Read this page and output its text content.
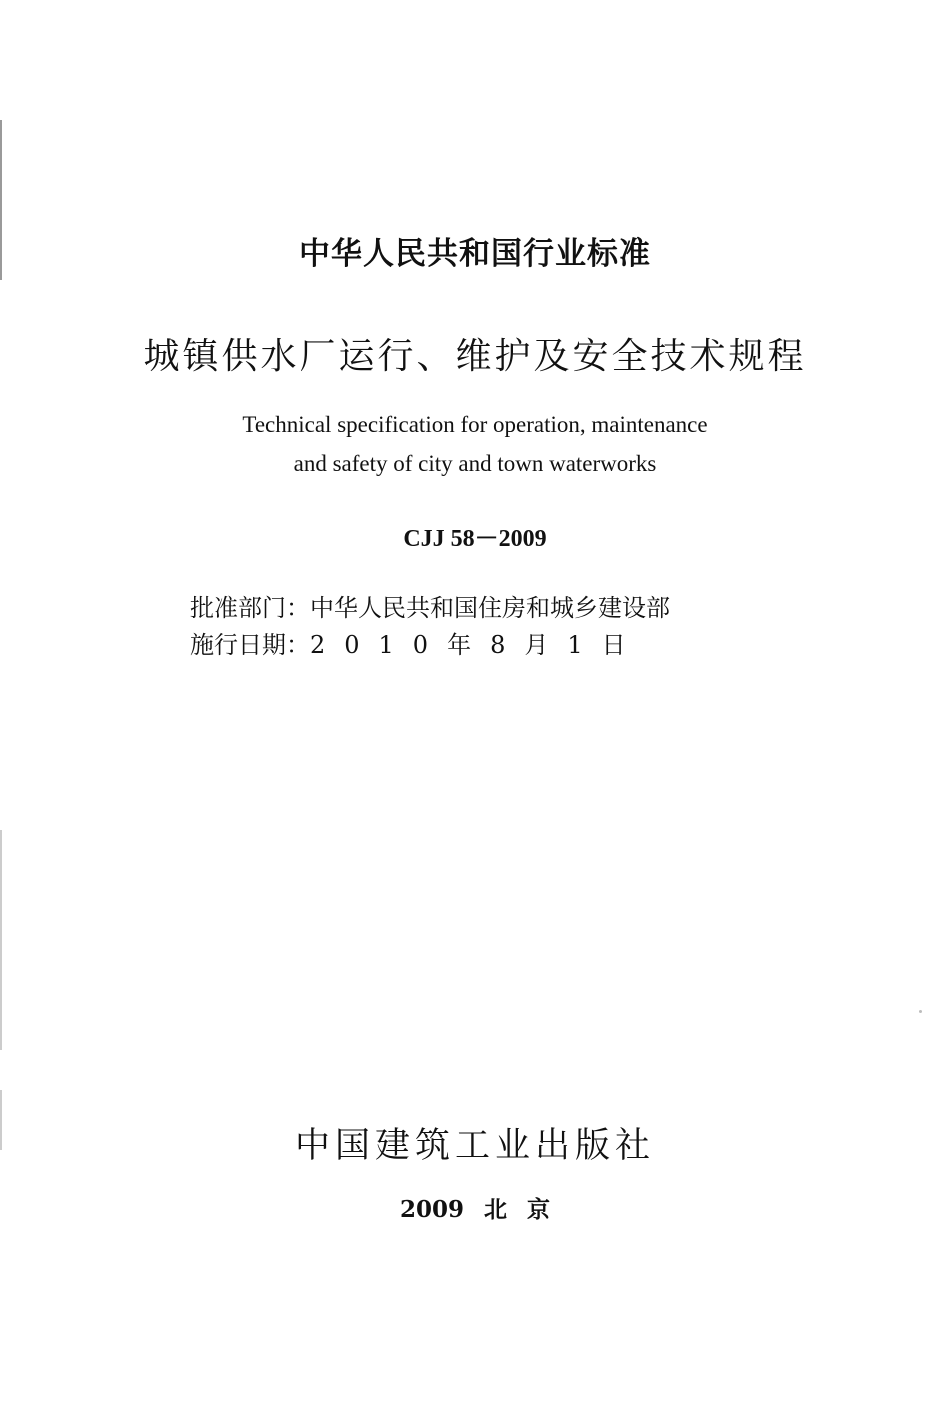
中华人民共和国行业标准
城镇供水厂运行、维护及安全技术规程
Technical specification for operation, maintenance
and safety of city and town waterworks
CJJ 58－2009
批准部门：中华人民共和国住房和城乡建设部
施行日期：2010年8月1日
中国建筑工业出版社
2009 北 京
